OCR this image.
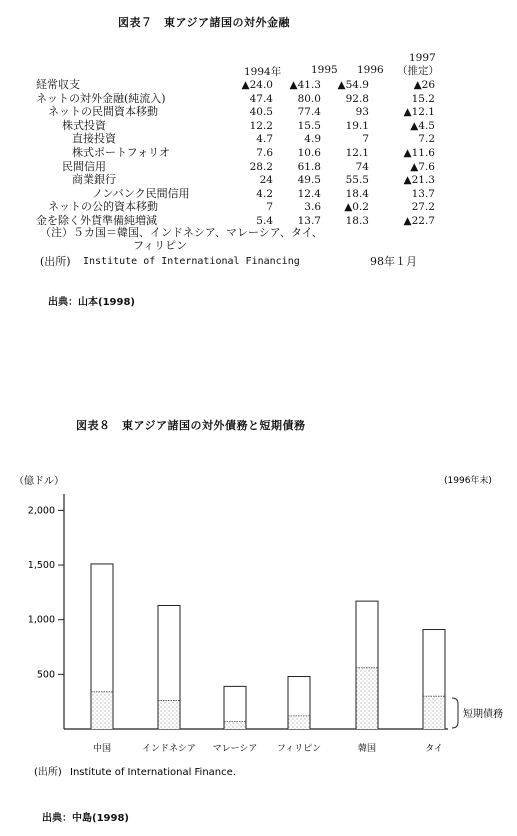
図表７　東アジア諸国の対外金融
1994年	1995 1996
1997
（推定）
経常収支	▲24.0	▲41.3	▲54.9	▲26
ネットの対外金融(純流入)	47.4	80.0	92.8	15.2
ネットの民間資本移動	40.5	77.4	93	▲12.1
株式投資	12.2	15.5	19.1	▲4.5
直接投資	4.7	4.9	7	7.2
株式ポートフォリオ	7.6	10.6	12.1	▲11.6
民間信用	28.2	61.8	74	▲7.6
商業銀行	24	49.5	55.5	▲21.3
ノンバンク民間信用	4.2	12.4	18.4	13.7
ネットの公的資本移動	7	3.6	▲0.2	27.2
金を除く外貨準備純増減	5.4	13.7	18.3	▲22.7
（注）５カ国＝韓国、インドネシア、マレーシア、タイ、
フィリピン
(出所) Institute of International Financing	98年１月
出典：山本(1998)
図表８　東アジア諸国の対外債務と短期債務
（億ドル）	(1996年末)
2,000
1,500
1,000
500
中国	インドネシア マレーシア フィリピン	韓国	タイ
短期債務
(出所) Institute of International Finance.
出典：中島(1998)
